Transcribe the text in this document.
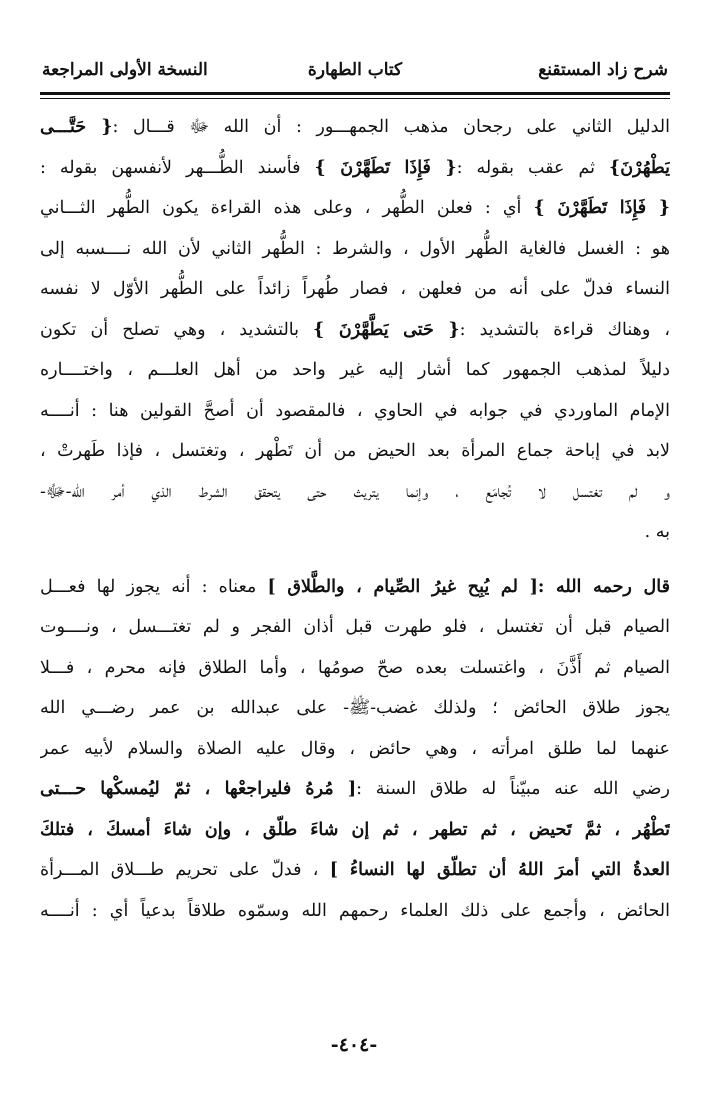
شرح زاد المستقنع
كتاب الطهارة
النسخة الأولى المراجعة
الدليل الثاني على رجحان مذهب الجمهـــور : أن الله ﷻ قـــال :{ حَتَّـــى
يَطْهُرْنَ} ثم عقب بقوله :{ فَإِذَا تَطَهَّرْنَ } فأسند الطُّـــهر لأنفسهن بقوله :
{ فَإِذَا تَطَهَّرْنَ } أي : فعلن الطُّهر ، وعلى هذه القراءة يكون الطُّهر الثـــاني
هو : الغسل فالغاية الطُّهر الأول ، والشرط : الطُّهر الثاني لأن الله نــــسبه إلى
النساء فدلّ على أنه من فعلهن ، فصار طُهراً زائداً على الطُّهر الأوّل لا نفسه
، وهناك قراءة بالتشديد :{ حَتى يَطَّهَّرْنَ } بالتشديد ، وهي تصلح أن تكون
دليلاً لمذهب الجمهور كما أشار إليه غير واحد من أهل العلـــم ، واختــــاره
الإمام الماوردي في جوابه في الحاوي ، فالمقصود أن أصحَّ القولين هنا : أنــــه
لابد في إباحة جماع المرأة بعد الحيض من أن تَطْهر ، وتغتسل ، فإذا طَهرتْ ،
و لم تغتسل لا تُجامَع ، وإنما يتريث حتى يتحقق الشرط الذي أمر الله-ﷻ-
به .
قال رحمه الله :[ لم يُبِح غيرُ الصِّيام ، والطَّلاق ] معناه : أنه يجوز لها فعـــل
الصيام قبل أن تغتسل ، فلو طهرت قبل أذان الفجر و لم تغتـــسل ، ونــــوت
الصيام ثم أَذَّنَ ، واغتسلت بعده صحّ صومُها ، وأما الطلاق فإنه محرم ، فـــلا
يجوز طلاق الحائض ؛ ولذلك غضب-ﷺ- على عبدالله بن عمر رضـــي الله
عنهما لما طلق امرأته ، وهي حائض ، وقال عليه الصلاة والسلام لأبيه عمر
رضي الله عنه مبيّناً له طلاق السنة :[ مُرهُ فليراجعْها ، ثمّ ليُمسكْها حـــتى
تَطْهُر ، ثمَّ تَحيض ، ثم تطهر ، ثم إن شاءَ طلّق ، وإن شاءَ أمسكَ ، فتلكَ
العدةُ التي أمرَ اللهُ أن تطلّق لها النساءُ ] ، فدلّ على تحريم طـــلاق المـــرأة
الحائض ، وأجمع على ذلك العلماء رحمهم الله وسمّوه طلاقاً بدعياً أي : أنــــه
-٤٠٤-
